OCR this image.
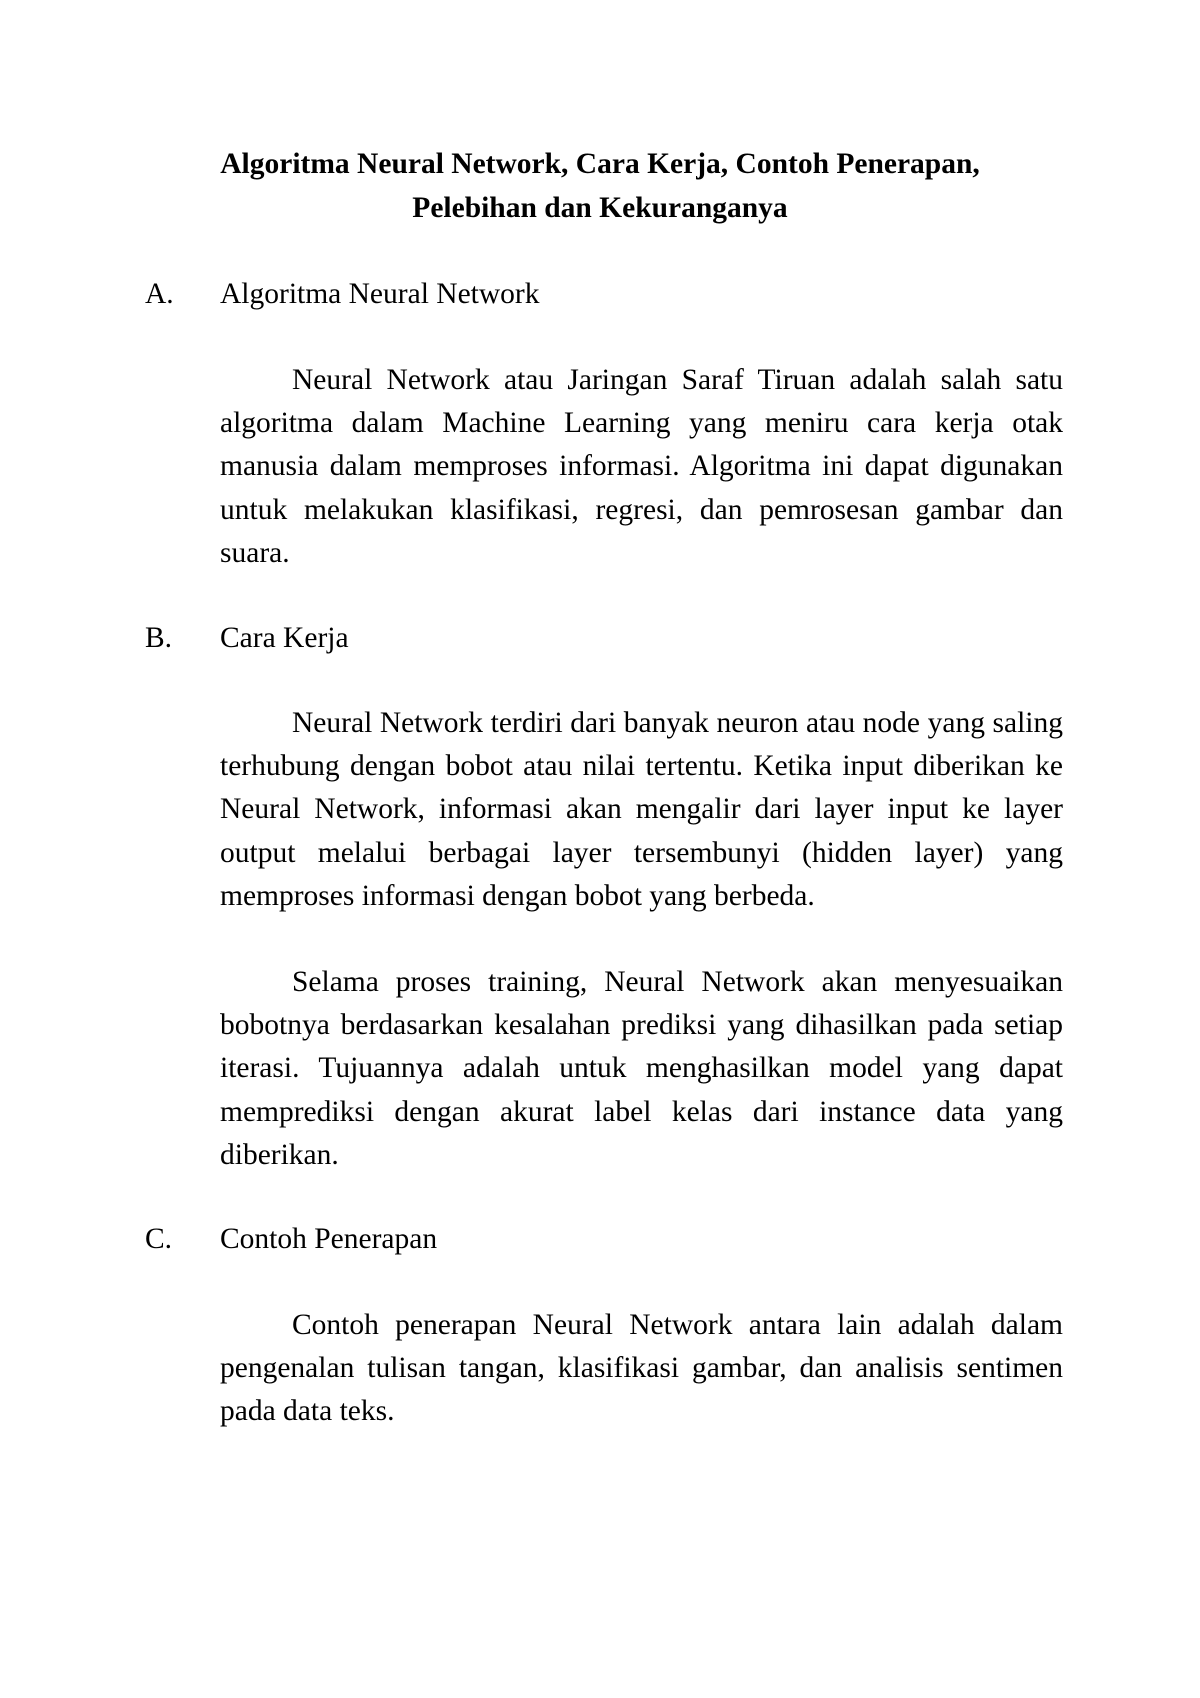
Algoritma Neural Network, Cara Kerja, Contoh Penerapan,
Pelebihan dan Kekuranganya
A. Algoritma Neural Network

Neural Network atau Jaringan Saraf Tiruan adalah salah satu algoritma dalam Machine Learning yang meniru cara kerja otak manusia dalam memproses informasi. Algoritma ini dapat digunakan untuk melakukan klasifikasi, regresi, dan pemrosesan gambar dan suara.

B. Cara Kerja

Neural Network terdiri dari banyak neuron atau node yang saling terhubung dengan bobot atau nilai tertentu. Ketika input diberikan ke Neural Network, informasi akan mengalir dari layer input ke layer output melalui berbagai layer tersembunyi (hidden layer) yang memproses informasi dengan bobot yang berbeda.

Selama proses training, Neural Network akan menyesuaikan bobotnya berdasarkan kesalahan prediksi yang dihasilkan pada setiap iterasi. Tujuannya adalah untuk menghasilkan model yang dapat memprediksi dengan akurat label kelas dari instance data yang diberikan.

C. Contoh Penerapan

Contoh penerapan Neural Network antara lain adalah dalam pengenalan tulisan tangan, klasifikasi gambar, dan analisis sentimen pada data teks.
